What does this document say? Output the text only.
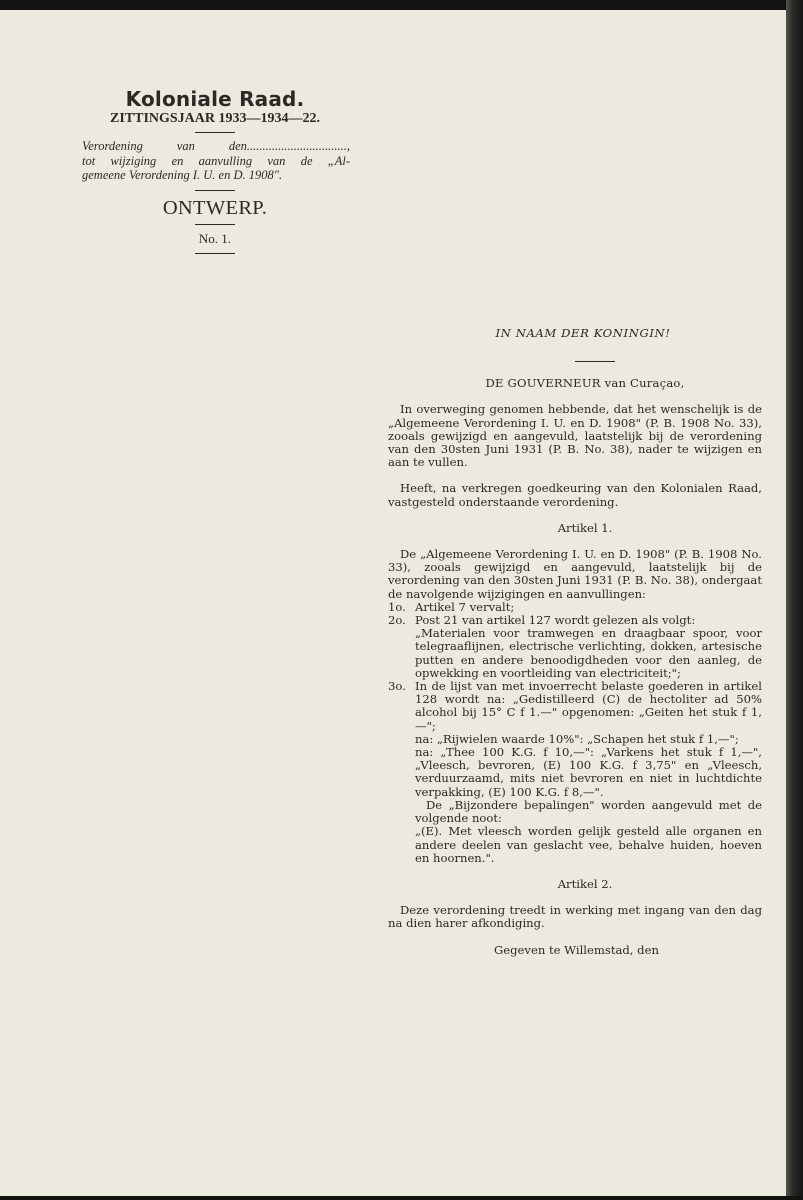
Koloniale Raad.
ZITTINGSJAAR 1933—1934—22.
Verordening van den................................,
tot wijziging en aanvulling van de „Al-
gemeene Verordening I. U. en D. 1908".
ONTWERP.
No. 1.
IN NAAM DER KONINGIN!
DE GOUVERNEUR van Curaçao,

In overweging genomen hebbende, dat het wenschelijk is de „Algemeene Verordening I. U. en D. 1908" (P. B. 1908 No. 33), zooals gewijzigd en aangevuld, laatstelijk bij de verordening van den 30sten Juni 1931 (P. B. No. 38), nader te wijzigen en aan te vullen.

Heeft, na verkregen goedkeuring van den Kolonialen Raad, vastgesteld onderstaande verordening.

Artikel 1.

De „Algemeene Verordening I. U. en D. 1908" (P. B. 1908 No. 33), zooals gewijzigd en aangevuld, laatstelijk bij de verordening van den 30sten Juni 1931 (P. B. No. 38), ondergaat de navolgende wijzigingen en aanvullingen:

1o. Artikel 7 vervalt;

2o. Post 21 van artikel 127 wordt gelezen als volgt:

„Materialen voor tramwegen en draagbaar spoor, voor telegraaflijnen, electrische verlichting, dokken, artesische putten en andere benoodigdheden voor den aanleg, de opwekking en voortleiding van electriciteit;";

3o. In de lijst van met invoerrecht belaste goederen in artikel 128 wordt na: „Gedistilleerd (C) de hectoliter ad 50% alcohol bij 15° C f 1.—" opgenomen: „Geiten het stuk f 1,—";

na: „Rijwielen waarde 10%": „Schapen het stuk f 1,—";

na: „Thee 100 K.G. f 10,—": „Varkens het stuk f 1,—", „Vleesch, bevroren, (E) 100 K.G. f 3,75" en „Vleesch, verduurzaamd, mits niet bevroren en niet in luchtdichte verpakking, (E) 100 K.G. f 8,—".

De „Bijzondere bepalingen" worden aangevuld met de volgende noot:

„(E). Met vleesch worden gelijk gesteld alle organen en andere deelen van geslacht vee, behalve huiden, hoeven en hoornen.".

Artikel 2.

Deze verordening treedt in werking met ingang van den dag na dien harer afkondiging.

Gegeven te Willemstad, den
